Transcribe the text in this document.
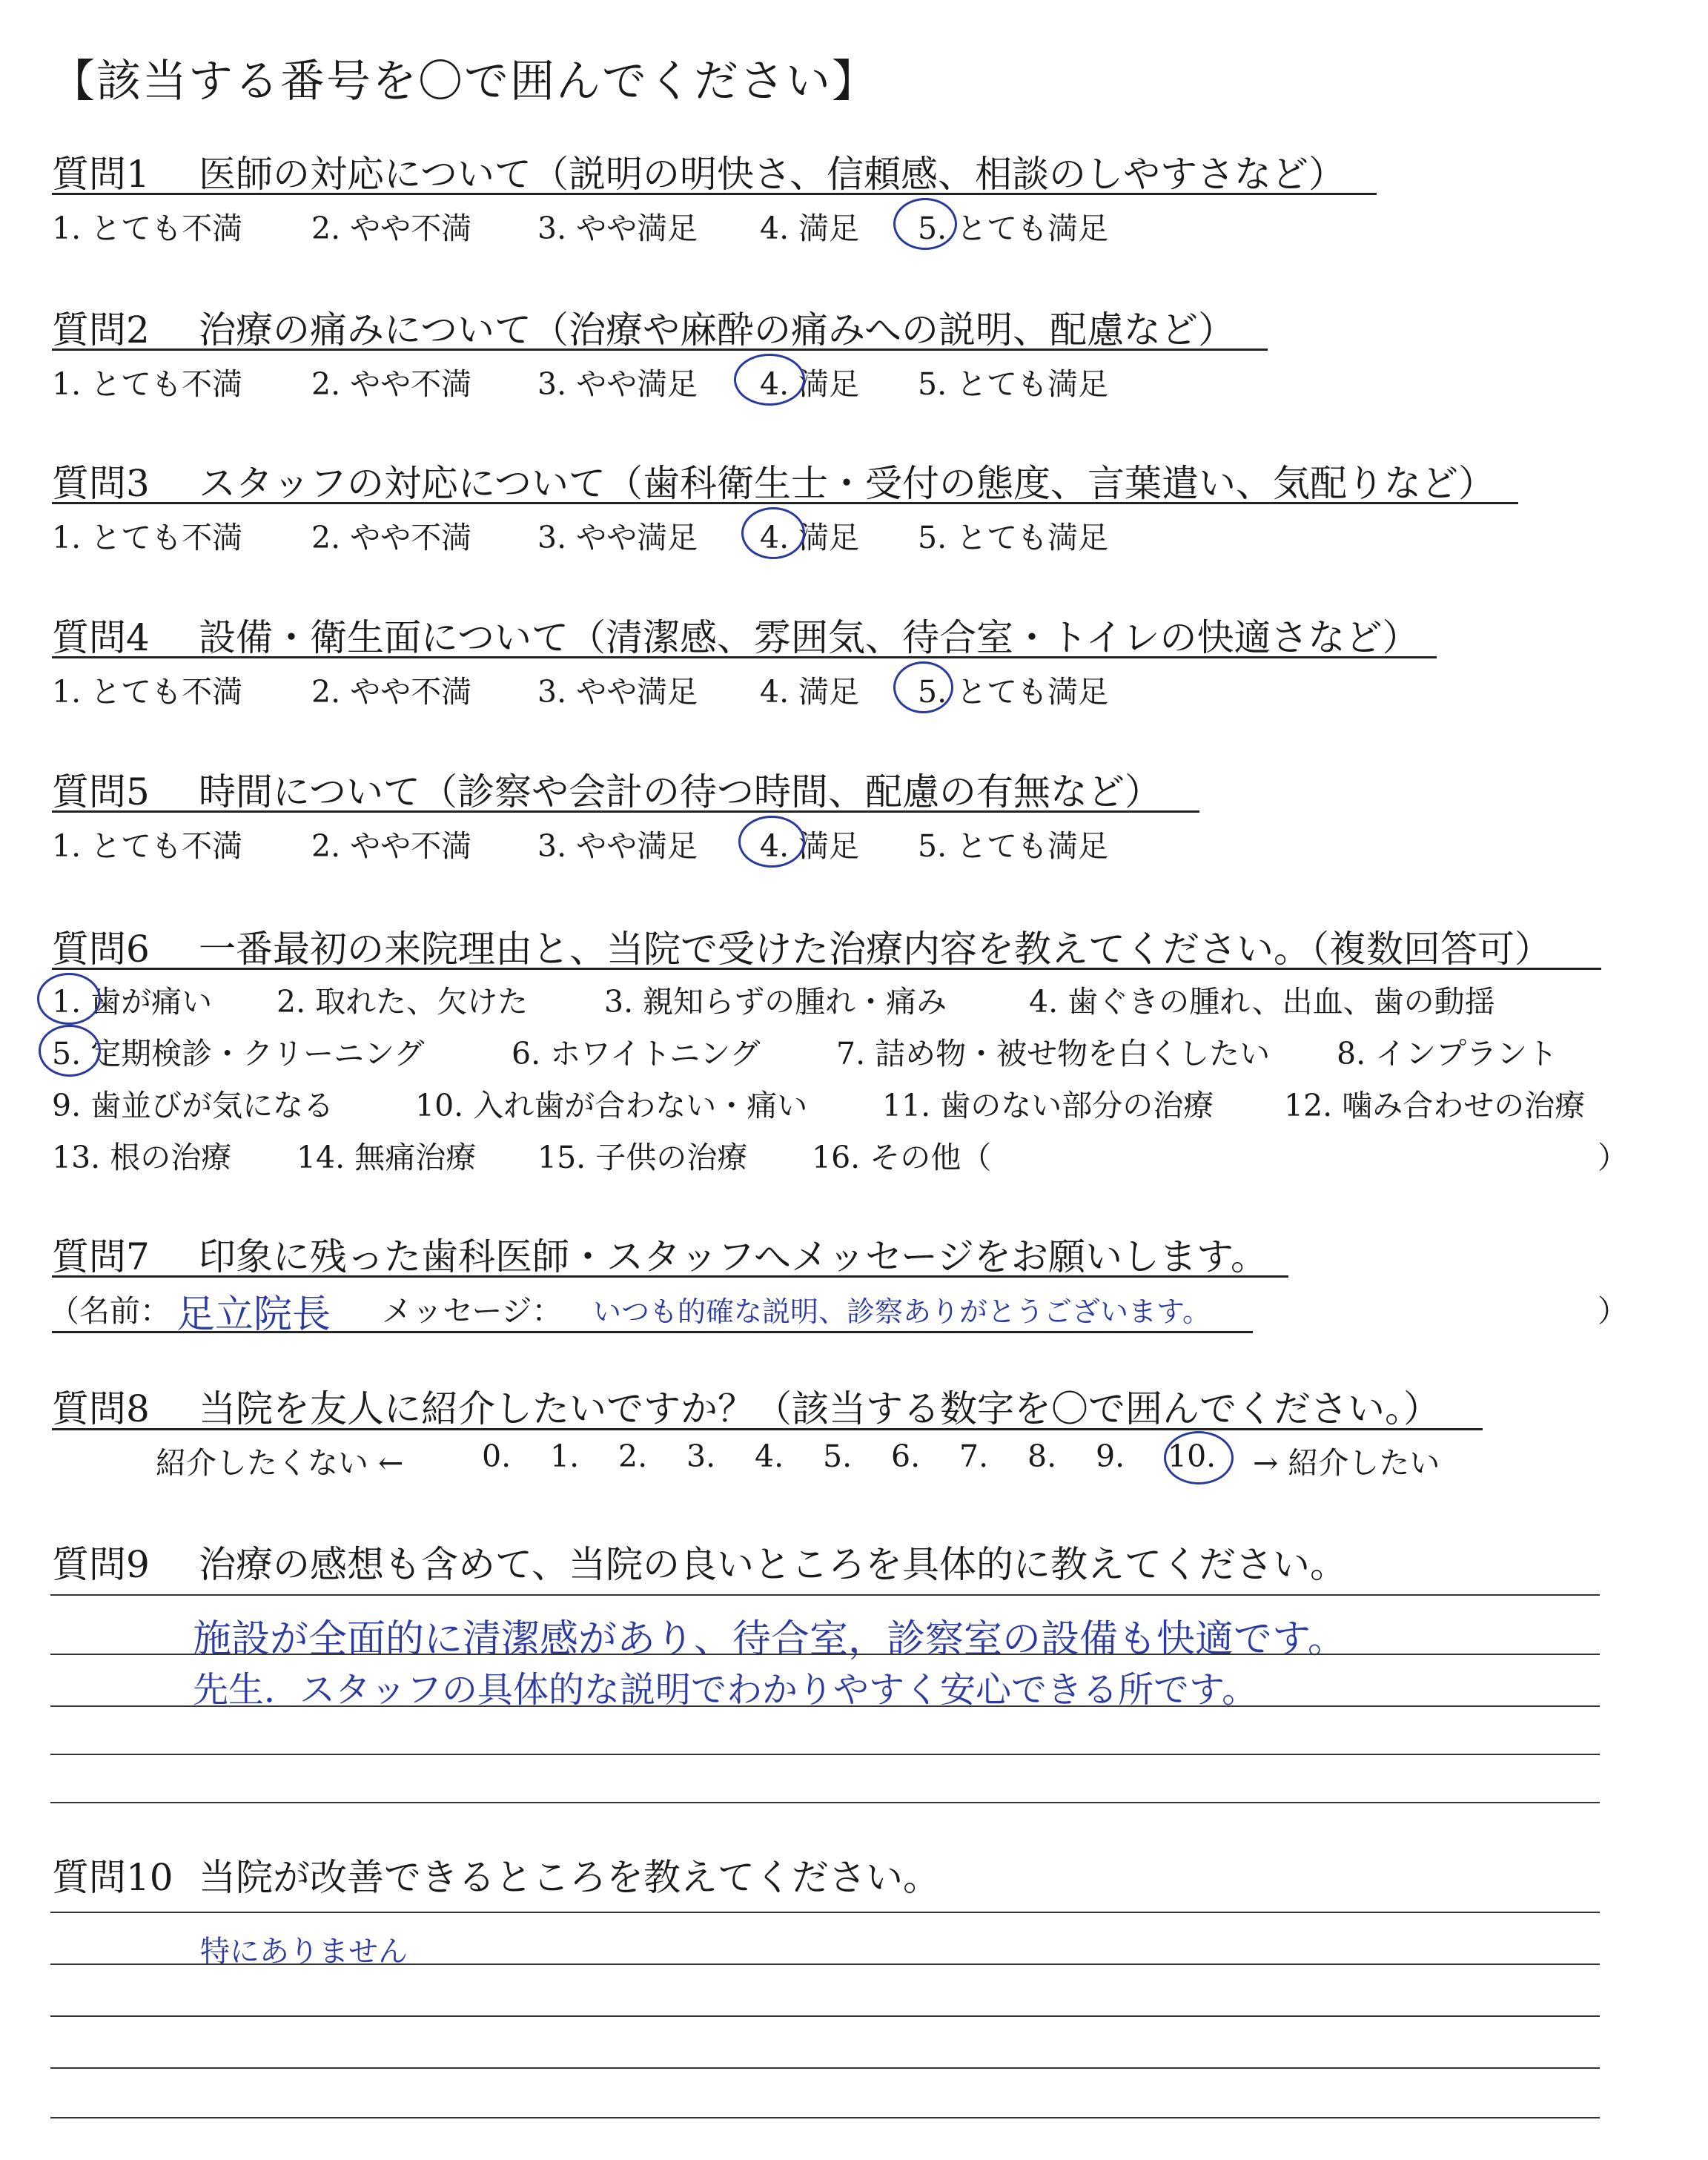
【該当する番号を〇で囲んでください】
質問1 医師の対応について（説明の明快さ、信頼感、相談のしやすさなど）
1. とても不満 2. やや不満 3. やや満足 4. 満足 5. とても満足
質問2 治療の痛みについて（治療や麻酔の痛みへの説明、配慮など）
1. とても不満 2. やや不満 3. やや満足 4. 満足 5. とても満足
質問3 スタッフの対応について（歯科衛生士・受付の態度、言葉遣い、気配りなど）
1. とても不満 2. やや不満 3. やや満足 4. 満足 5. とても満足
質問4 設備・衛生面について（清潔感、雰囲気、待合室・トイレの快適さなど）
1. とても不満 2. やや不満 3. やや満足 4. 満足 5. とても満足
質問5 時間について（診察や会計の待つ時間、配慮の有無など）
1. とても不満 2. やや不満 3. やや満足 4. 満足 5. とても満足
質問6 一番最初の来院理由と、当院で受けた治療内容を教えてください。（複数回答可）
1. 歯が痛い 2. 取れた、欠けた	3. 親知らずの腫れ・痛み	4. 歯ぐきの腫れ、出血、歯の動揺
5. 定期検診・クリーニング	6. ホワイトニング	7. 詰め物・被せ物を白くしたい 8. インプラント
9. 歯並びが気になる	10. 入れ歯が合わない・痛い 11. 歯のない部分の治療 12. 噛み合わせの治療
13. 根の治療 14. 無痛治療 15. 子供の治療 16. その他（	）
質問7 印象に残った歯科医師・スタッフへメッセージをお願いします。
（名前： 足立院長 メッセージ： いつも的確な説明、診察ありがとうございます。	）
質問8 当院を友人に紹介したいですか？（該当する数字を〇で囲んでください。）
紹介したくない ←	0. 1. 2. 3. 4. 5. 6. 7. 8. 9. 10. → 紹介したい
質問9 治療の感想も含めて、当院の良いところを具体的に教えてください。
施設が全面的に清潔感があり、待合室，診察室の設備も快適です。
先生．スタッフの具体的な説明でわかりやすく安心できる所です。
質問10 当院が改善できるところを教えてください。
特にありません
